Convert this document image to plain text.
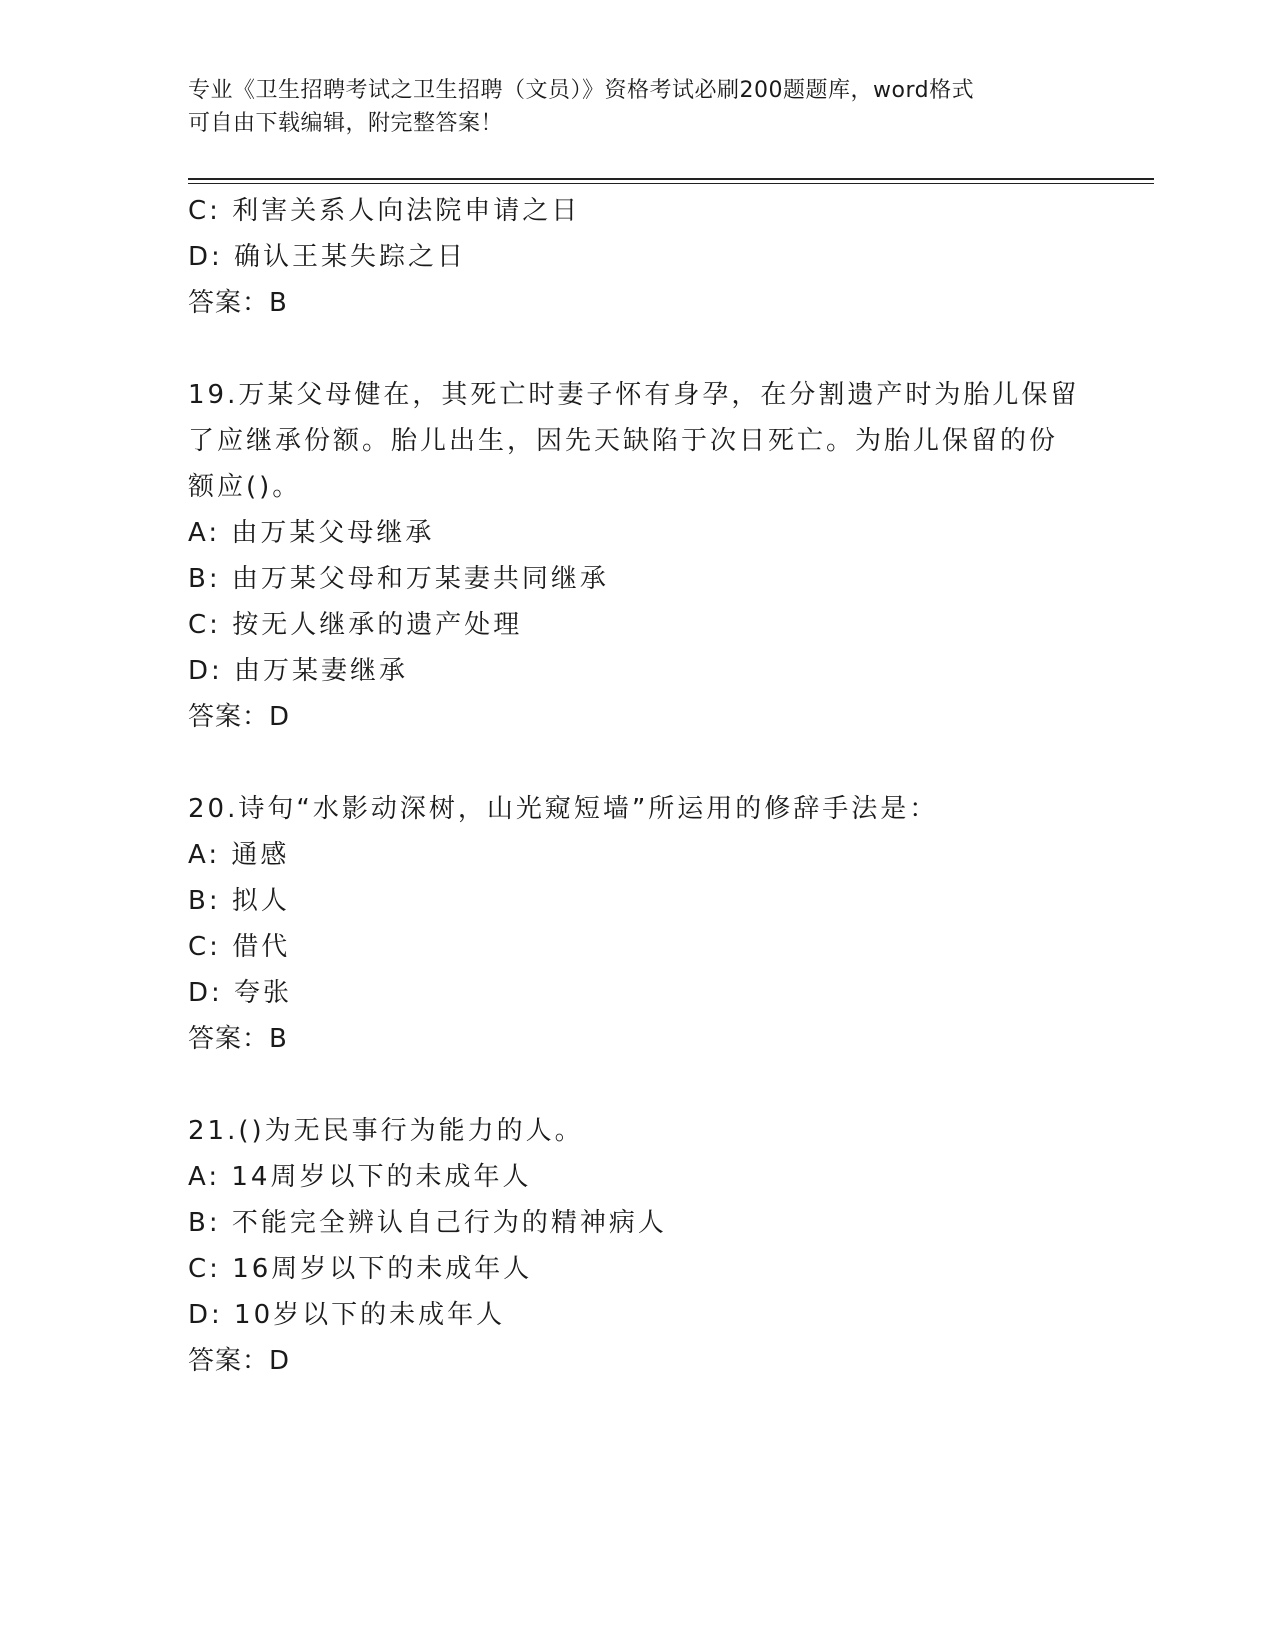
专业《卫生招聘考试之卫生招聘（文员）》资格考试必刷200题题库，word格式
可自由下载编辑，附完整答案！
C: 利害关系人向法院申请之日
D: 确认王某失踪之日
答案：B
19.万某父母健在，其死亡时妻子怀有身孕，在分割遗产时为胎儿保留
了应继承份额。胎儿出生，因先天缺陷于次日死亡。为胎儿保留的份
额应()。
A: 由万某父母继承
B: 由万某父母和万某妻共同继承
C: 按无人继承的遗产处理
D: 由万某妻继承
答案：D
20.诗句“水影动深树，山光窥短墙”所运用的修辞手法是：
A: 通感
B: 拟人
C: 借代
D: 夸张
答案：B
21.()为无民事行为能力的人。
A: 14周岁以下的未成年人
B: 不能完全辨认自己行为的精神病人
C: 16周岁以下的未成年人
D: 10岁以下的未成年人
答案：D
